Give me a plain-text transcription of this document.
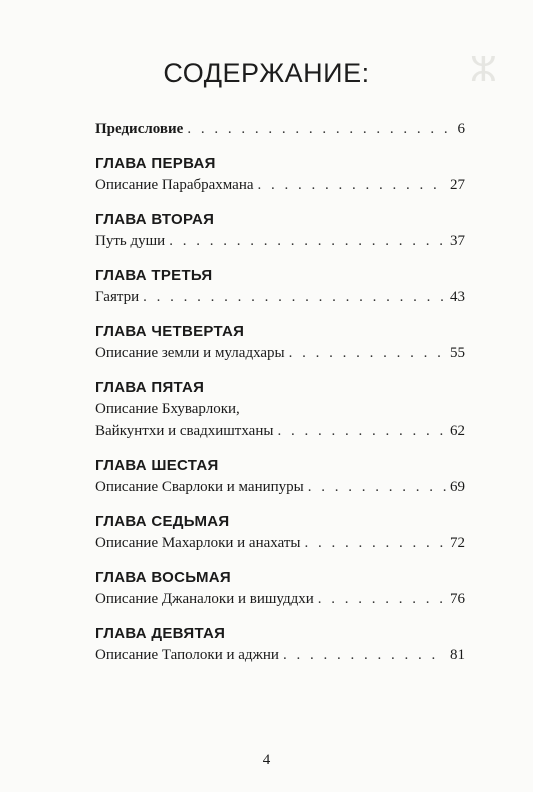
ⵣ
СОДЕРЖАНИЕ:
Предисловие . . .	6
ГЛАВА ПЕРВАЯ
Описание Парабрахмана . . .	27
ГЛАВА ВТОРАЯ
Путь души . . .	37
ГЛАВА ТРЕТЬЯ
Гаятри . . .	43
ГЛАВА ЧЕТВЕРТАЯ
Описание земли и муладхары . . .	55
ГЛАВА ПЯТАЯ
Описание Бхуварлоки,
Вайкунтхи и свадхиштханы . . .	62
ГЛАВА ШЕСТАЯ
Описание Сварлоки и манипуры . . .	69
ГЛАВА СЕДЬМАЯ
Описание Махарлоки и анахаты . . .	72
ГЛАВА ВОСЬМАЯ
Описание Джаналоки и вишуддхи . . .	76
ГЛАВА ДЕВЯТАЯ
Описание Таполоки и аджни . . .	81
4
